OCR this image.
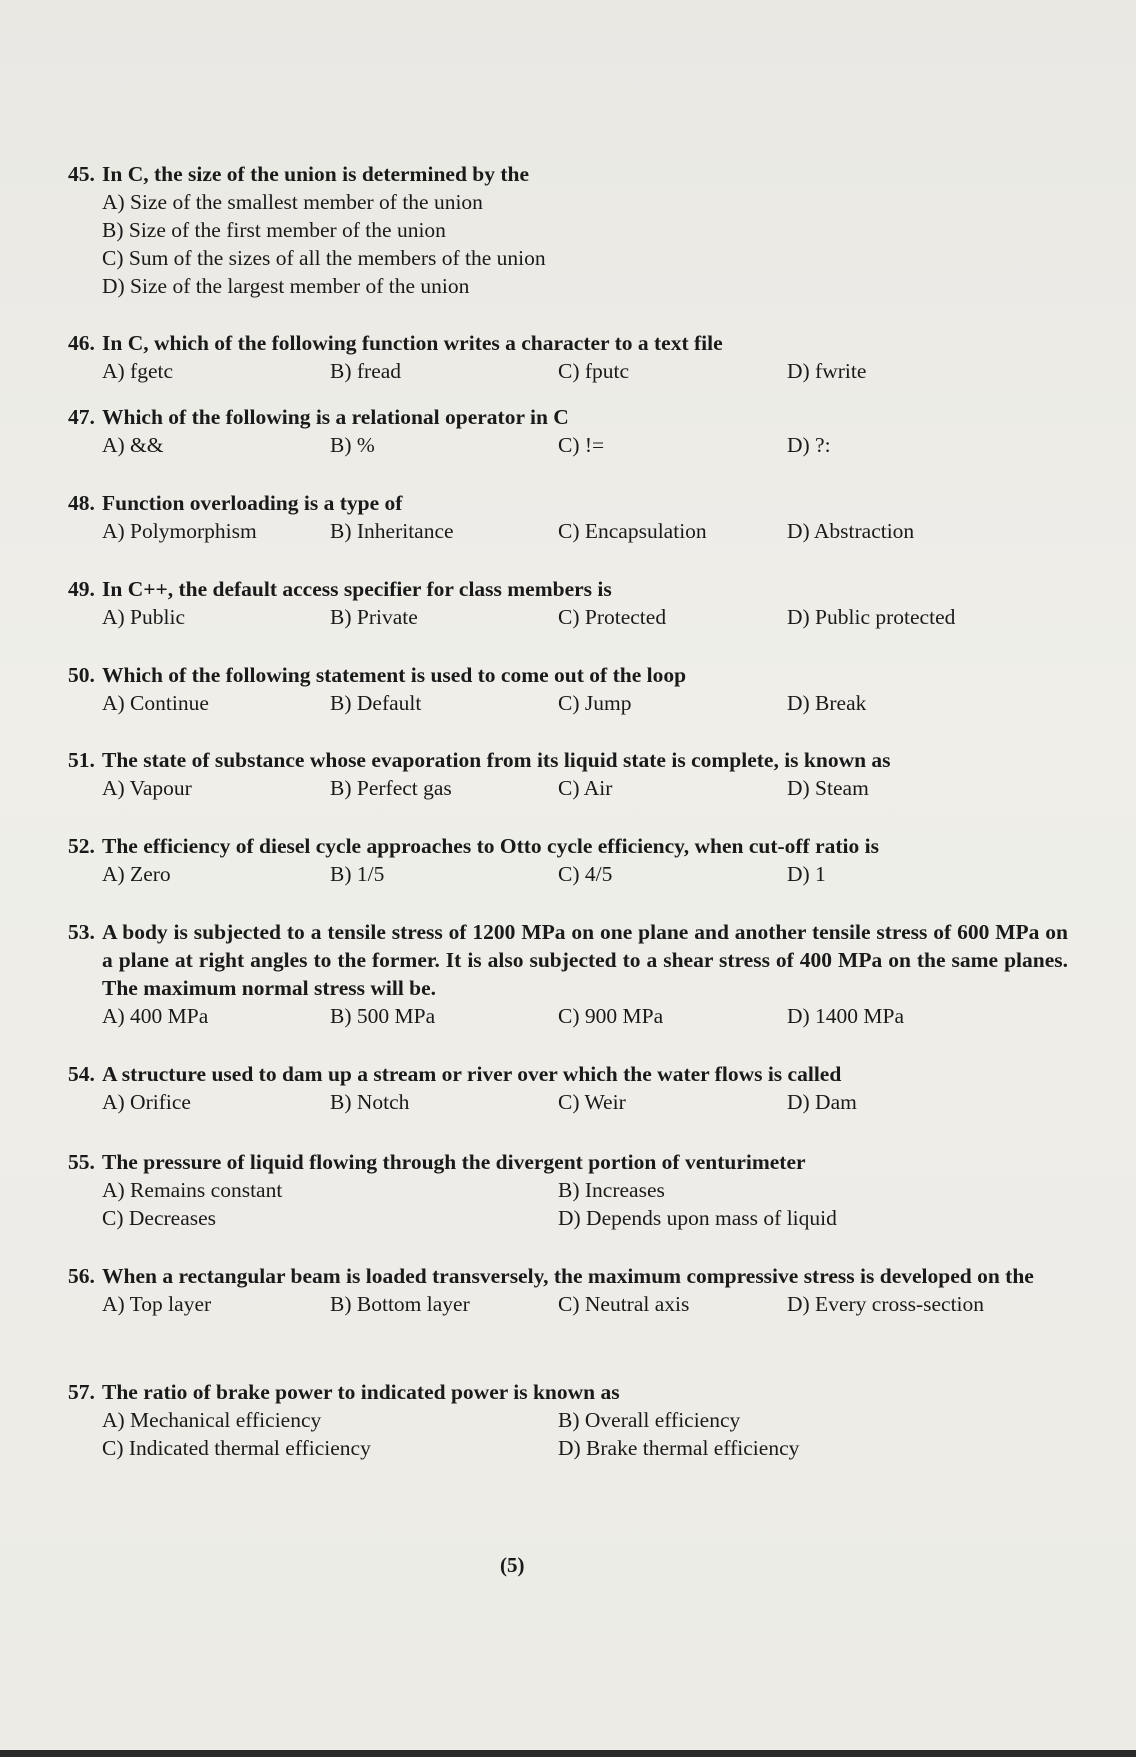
45. In C, the size of the union is determined by the
A) Size of the smallest member of the union
B) Size of the first member of the union
C) Sum of the sizes of all the members of the union
D) Size of the largest member of the union
46. In C, which of the following function writes a character to a text file
A) fgetc	B) fread	C) fputc	D) fwrite
47. Which of the following is a relational operator in C
A) &&	B) %	C) !=	D) ?:
48. Function overloading is a type of
A) Polymorphism	B) Inheritance	C) Encapsulation	D) Abstraction
49. In C++, the default access specifier for class members is
A) Public	B) Private	C) Protected	D) Public protected
50. Which of the following statement is used to come out of the loop
A) Continue	B) Default	C) Jump	D) Break
51. The state of substance whose evaporation from its liquid state is complete, is known as
A) Vapour	B) Perfect gas	C) Air	D) Steam
52. The efficiency of diesel cycle approaches to Otto cycle efficiency, when cut-off ratio is
A) Zero	B) 1/5	C) 4/5	D) 1
53. A body is subjected to a tensile stress of 1200 MPa on one plane and another tensile stress of 600 MPa on a plane at right angles to the former. It is also subjected to a shear stress of 400 MPa on the same planes. The maximum normal stress will be.
A) 400 MPa	B) 500 MPa	C) 900 MPa	D) 1400 MPa
54. A structure used to dam up a stream or river over which the water flows is called
A) Orifice	B) Notch	C) Weir	D) Dam
55. The pressure of liquid flowing through the divergent portion of venturimeter
A) Remains constant	B) Increases
C) Decreases	D) Depends upon mass of liquid
56. When a rectangular beam is loaded transversely, the maximum compressive stress is developed on the
A) Top layer	B) Bottom layer	C) Neutral axis	D) Every cross-section
57. The ratio of brake power to indicated power is known as
A) Mechanical efficiency	B) Overall efficiency
C) Indicated thermal efficiency	D) Brake thermal efficiency
(5)
